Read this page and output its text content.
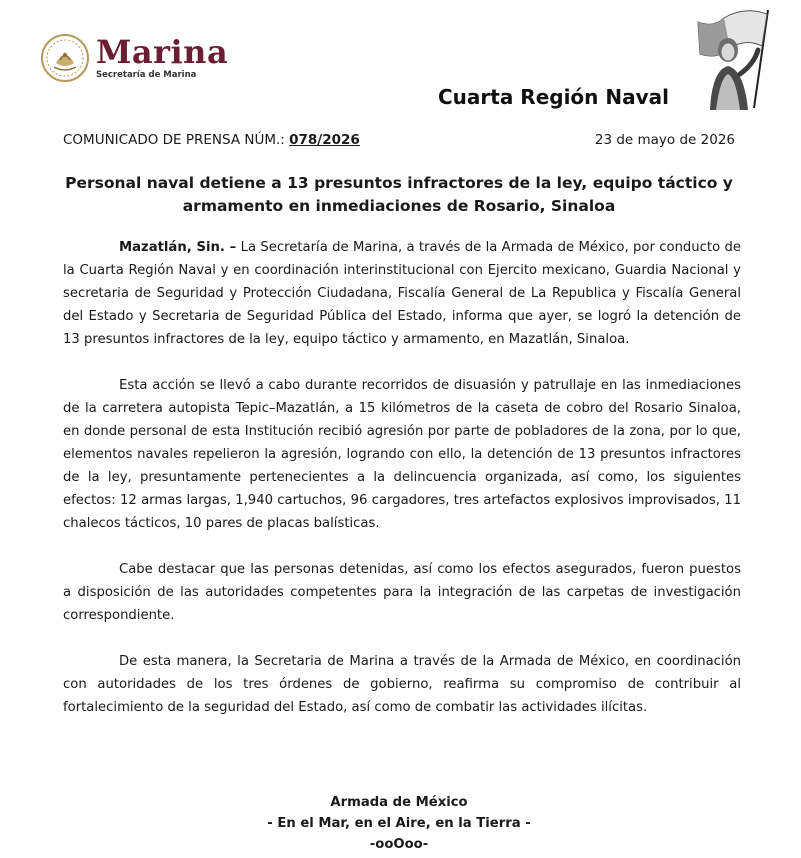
Marina
Secretaría de Marina
Cuarta Región Naval
COMUNICADO DE PRENSA NÚM.: 078/2026	23 de mayo de 2026
Personal naval detiene a 13 presuntos infractores de la ley, equipo táctico y armamento en inmediaciones de Rosario, Sinaloa

Mazatlán, Sin. – La Secretaría de Marina, a través de la Armada de México, por conducto de la Cuarta Región Naval y en coordinación interinstitucional con Ejercito mexicano, Guardia Nacional y secretaria de Seguridad y Protección Ciudadana, Fiscalía General de La Republica y Fiscalía General del Estado y Secretaria de Seguridad Pública del Estado, informa que ayer, se logró la detención de 13 presuntos infractores de la ley, equipo táctico y armamento, en Mazatlán, Sinaloa.

Esta acción se llevó a cabo durante recorridos de disuasión y patrullaje en las inmediaciones de la carretera autopista Tepic–Mazatlán, a 15 kilómetros de la caseta de cobro del Rosario Sinaloa, en donde personal de esta Institución recibió agresión por parte de pobladores de la zona, por lo que, elementos navales repelieron la agresión, logrando con ello, la detención de 13 presuntos infractores de la ley, presuntamente pertenecientes a la delincuencia organizada, así como, los siguientes efectos: 12 armas largas, 1,940 cartuchos, 96 cargadores, tres artefactos explosivos improvisados, 11 chalecos tácticos, 10 pares de placas balísticas.

Cabe destacar que las personas detenidas, así como los efectos asegurados, fueron puestos a disposición de las autoridades competentes para la integración de las carpetas de investigación correspondiente.

De esta manera, la Secretaria de Marina a través de la Armada de México, en coordinación con autoridades de los tres órdenes de gobierno, reafirma su compromiso de contribuir al fortalecimiento de la seguridad del Estado, así como de combatir las actividades ilícitas.

Armada de México
- En el Mar, en el Aire, en la Tierra -
-ooOoo-
